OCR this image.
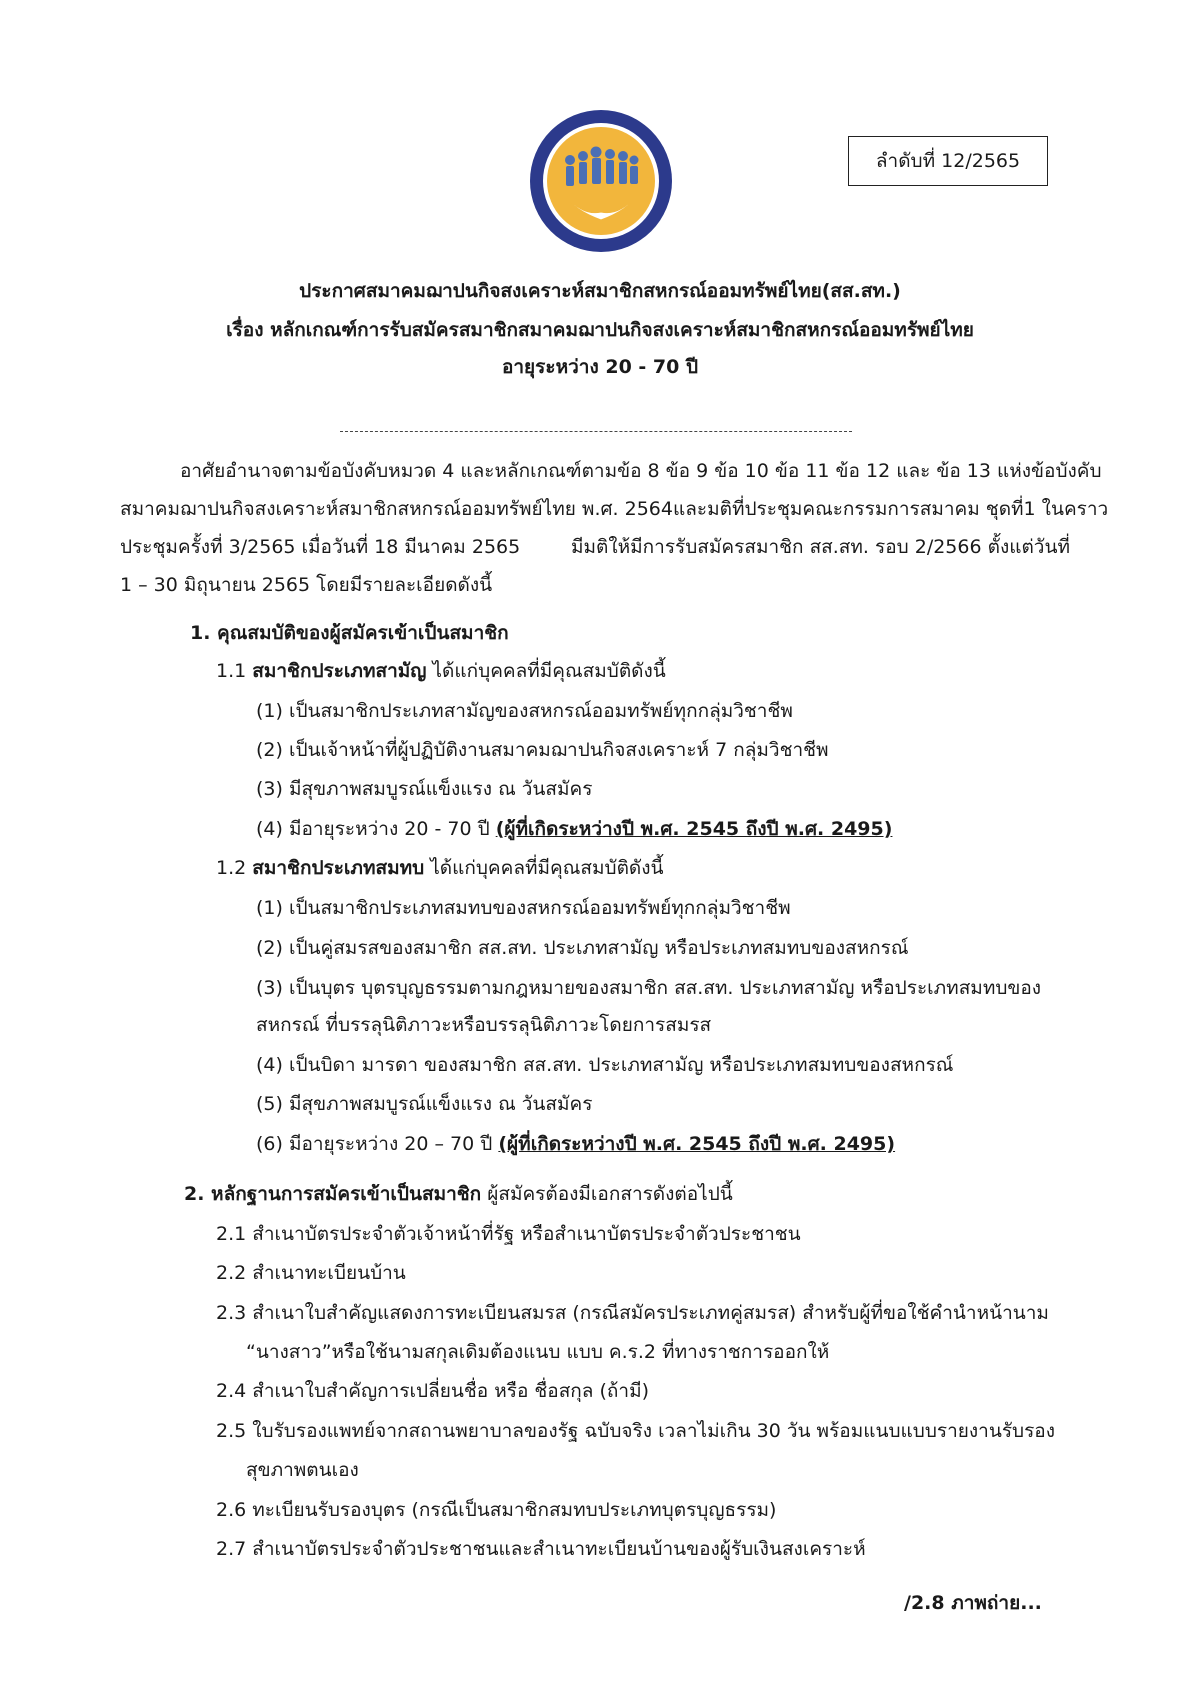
ลำดับที่ 12/2565
ประกาศสมาคมฌาปนกิจสงเคราะห์สมาชิกสหกรณ์ออมทรัพย์ไทย(สส.สท.)
เรื่อง หลักเกณฑ์การรับสมัครสมาชิกสมาคมฌาปนกิจสงเคราะห์สมาชิกสหกรณ์ออมทรัพย์ไทย
อายุระหว่าง 20 - 70 ปี
อาศัยอำนาจตามข้อบังคับหมวด 4 และหลักเกณฑ์ตาม ข้อ 8 ข้อ 9 ข้อ 10 ข้อ 11 ข้อ 12 และ ข้อ 13 แห่งข้อบังคับ
สมาคมฌาปนกิจสงเคราะห์สมาชิกสหกรณ์ออมทรัพย์ไทย พ.ศ. 2564 และมติที่ประชุมคณะกรรมการสมาคม ชุดที่1 ในคราว
ประชุมครั้งที่ 3/2565 เมื่อวันที่ 18 มีนาคม 2565	มีมติให้มีการรับสมัครสมาชิก สส.สท. รอบ 2/2566 ตั้งแต่วันที่
1 – 30 มิถุนายน 2565 โดยมีรายละเอียดดังนี้
1. คุณสมบัติของผู้สมัครเข้าเป็นสมาชิก
1.1 สมาชิกประเภทสามัญ ได้แก่บุคคลที่มีคุณสมบัติดังนี้
(1) เป็นสมาชิกประเภทสามัญของสหกรณ์ออมทรัพย์ทุกกลุ่มวิชาชีพ
(2) เป็นเจ้าหน้าที่ผู้ปฏิบัติงานสมาคมฌาปนกิจสงเคราะห์ 7 กลุ่มวิชาชีพ
(3) มีสุขภาพสมบูรณ์แข็งแรง ณ วันสมัคร
(4) มีอายุระหว่าง 20 - 70 ปี (ผู้ที่เกิดระหว่างปี พ.ศ. 2545 ถึงปี พ.ศ. 2495)
1.2 สมาชิกประเภทสมทบ ได้แก่บุคคลที่มีคุณสมบัติดังนี้
(1) เป็นสมาชิกประเภทสมทบของสหกรณ์ออมทรัพย์ทุกกลุ่มวิชาชีพ
(2) เป็นคู่สมรสของสมาชิก สส.สท. ประเภทสามัญ หรือประเภทสมทบของสหกรณ์
(3) เป็นบุตร บุตรบุญธรรมตามกฎหมายของสมาชิก สส.สท. ประเภทสามัญ หรือประเภทสมทบของ
สหกรณ์ ที่บรรลุนิติภาวะหรือบรรลุนิติภาวะโดยการสมรส
(4) เป็นบิดา มารดา ของสมาชิก สส.สท. ประเภทสามัญ หรือประเภทสมทบของสหกรณ์
(5) มีสุขภาพสมบูรณ์แข็งแรง ณ วันสมัคร
(6) มีอายุระหว่าง 20 – 70 ปี (ผู้ที่เกิดระหว่างปี พ.ศ. 2545 ถึงปี พ.ศ. 2495)
2. หลักฐานการสมัครเข้าเป็นสมาชิก ผู้สมัครต้องมีเอกสารดังต่อไปนี้
2.1 สำเนาบัตรประจำตัวเจ้าหน้าที่รัฐ หรือสำเนาบัตรประจำตัวประชาชน
2.2 สำเนาทะเบียนบ้าน
2.3 สำเนาใบสำคัญแสดงการทะเบียนสมรส (กรณีสมัครประเภทคู่สมรส) สำหรับผู้ที่ขอใช้คำนำหน้านาม
“นางสาว”หรือใช้นามสกุลเดิมต้องแนบ แบบ ค.ร.2 ที่ทางราชการออกให้
2.4 สำเนาใบสำคัญการเปลี่ยนชื่อ หรือ ชื่อสกุล (ถ้ามี)
2.5 ใบรับรองแพทย์จากสถานพยาบาลของรัฐ ฉบับจริง เวลาไม่เกิน 30 วัน พร้อมแนบแบบรายงานรับรอง
สุขภาพตนเอง
2.6 ทะเบียนรับรองบุตร (กรณีเป็นสมาชิกสมทบประเภทบุตรบุญธรรม)
2.7 สำเนาบัตรประจำตัวประชาชนและสำเนาทะเบียนบ้านของผู้รับเงินสงเคราะห์
/2.8 ภาพถ่าย...
